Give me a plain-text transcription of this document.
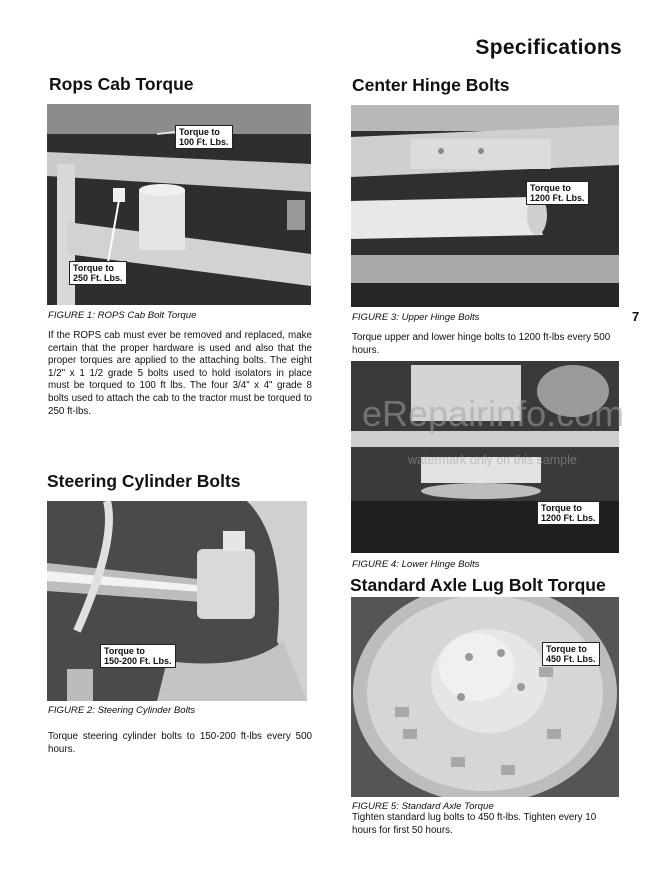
Specifications
7
Rops Cab Torque
Torque to
100 Ft. Lbs.
Torque to
250 Ft. Lbs.
FIGURE 1: ROPS Cab Bolt Torque
If the ROPS cab must ever be removed and replaced, make certain that the proper hardware is used and also that the proper torques are applied to the attaching bolts. The eight 1/2" x 1 1/2 grade 5 bolts used to hold isolators in place must be torqued to 100 ft lbs. The four 3/4" x 4" grade 8 bolts used to attach the cab to the tractor must be torqued to 250 ft-lbs.
Steering Cylinder Bolts
Torque to
150-200 Ft. Lbs.
FIGURE 2: Steering Cylinder Bolts
Torque steering cylinder bolts to 150-200 ft-lbs every 500 hours.
Center Hinge Bolts
Torque to
1200 Ft. Lbs.
FIGURE 3: Upper Hinge Bolts
Torque upper and lower hinge bolts to 1200 ft-lbs every 500 hours.
Torque to
1200 Ft. Lbs.
FIGURE 4: Lower Hinge Bolts
Standard Axle Lug Bolt Torque
Torque to
450 Ft. Lbs.
FIGURE 5: Standard Axle Torque
Tighten standard lug bolts to 450 ft-lbs. Tighten every 10 hours for first 50 hours.
eRepairinfo.com
watermark only on this sample
